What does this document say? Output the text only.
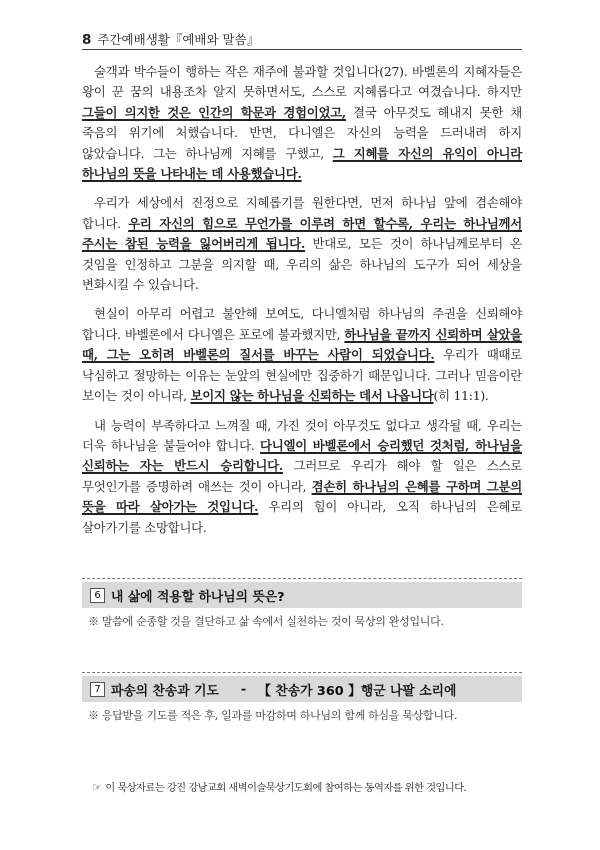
8 주간예배생활『예배와 말씀』

술객과 박수들이 행하는 작은 재주에 불과할 것입니다(27). 바벨론의 지혜자들은 왕이 꾼 꿈의 내용조차 알지 못하면서도, 스스로 지혜롭다고 여겼습니다. 하지만 그들이 의지한 것은 인간의 학문과 경험이었고, 결국 아무것도 해내지 못한 채 죽음의 위기에 처했습니다. 반면, 다니엘은 자신의 능력을 드러내려 하지 않았습니다. 그는 하나님께 지혜를 구했고, 그 지혜를 자신의 유익이 아니라 하나님의 뜻을 나타내는 데 사용했습니다.

우리가 세상에서 진정으로 지혜롭기를 원한다면, 먼저 하나님 앞에 겸손해야 합니다. 우리 자신의 힘으로 무언가를 이루려 하면 할수록, 우리는 하나님께서 주시는 참된 능력을 잃어버리게 됩니다. 반대로, 모든 것이 하나님께로부터 온 것임을 인정하고 그분을 의지할 때, 우리의 삶은 하나님의 도구가 되어 세상을 변화시킬 수 있습니다.

현실이 아무리 어렵고 불안해 보여도, 다니엘처럼 하나님의 주권을 신뢰해야 합니다. 바벨론에서 다니엘은 포로에 불과했지만, 하나님을 끝까지 신뢰하며 살았을 때, 그는 오히려 바벨론의 질서를 바꾸는 사람이 되었습니다. 우리가 때때로 낙심하고 절망하는 이유는 눈앞의 현실에만 집중하기 때문입니다. 그러나 믿음이란 보이는 것이 아니라, 보이지 않는 하나님을 신뢰하는 데서 나옵니다(히 11:1).

내 능력이 부족하다고 느껴질 때, 가진 것이 아무것도 없다고 생각될 때, 우리는 더욱 하나님을 붙들어야 합니다. 다니엘이 바벨론에서 승리했던 것처럼, 하나님을 신뢰하는 자는 반드시 승리합니다. 그러므로 우리가 해야 할 일은 스스로 무엇인가를 증명하려 애쓰는 것이 아니라, 겸손히 하나님의 은혜를 구하며 그분의 뜻을 따라 살아가는 것입니다. 우리의 힘이 아니라, 오직 하나님의 은혜로 살아가기를 소망합니다.

6 내 삶에 적용할 하나님의 뜻은?
※ 말씀에 순종할 것을 결단하고 삶 속에서 실천하는 것이 묵상의 완성입니다.
7 파송의 찬송과 기도 - 【 찬송가 360 】행군 나팔 소리에
※ 응답받을 기도를 적은 후, 일과를 마감하며 하나님의 함께 하심을 묵상합니다.
☞ 이 묵상자료는 강진 강남교회 새벽이슬묵상기도회에 참여하는 동역자를 위한 것입니다.
